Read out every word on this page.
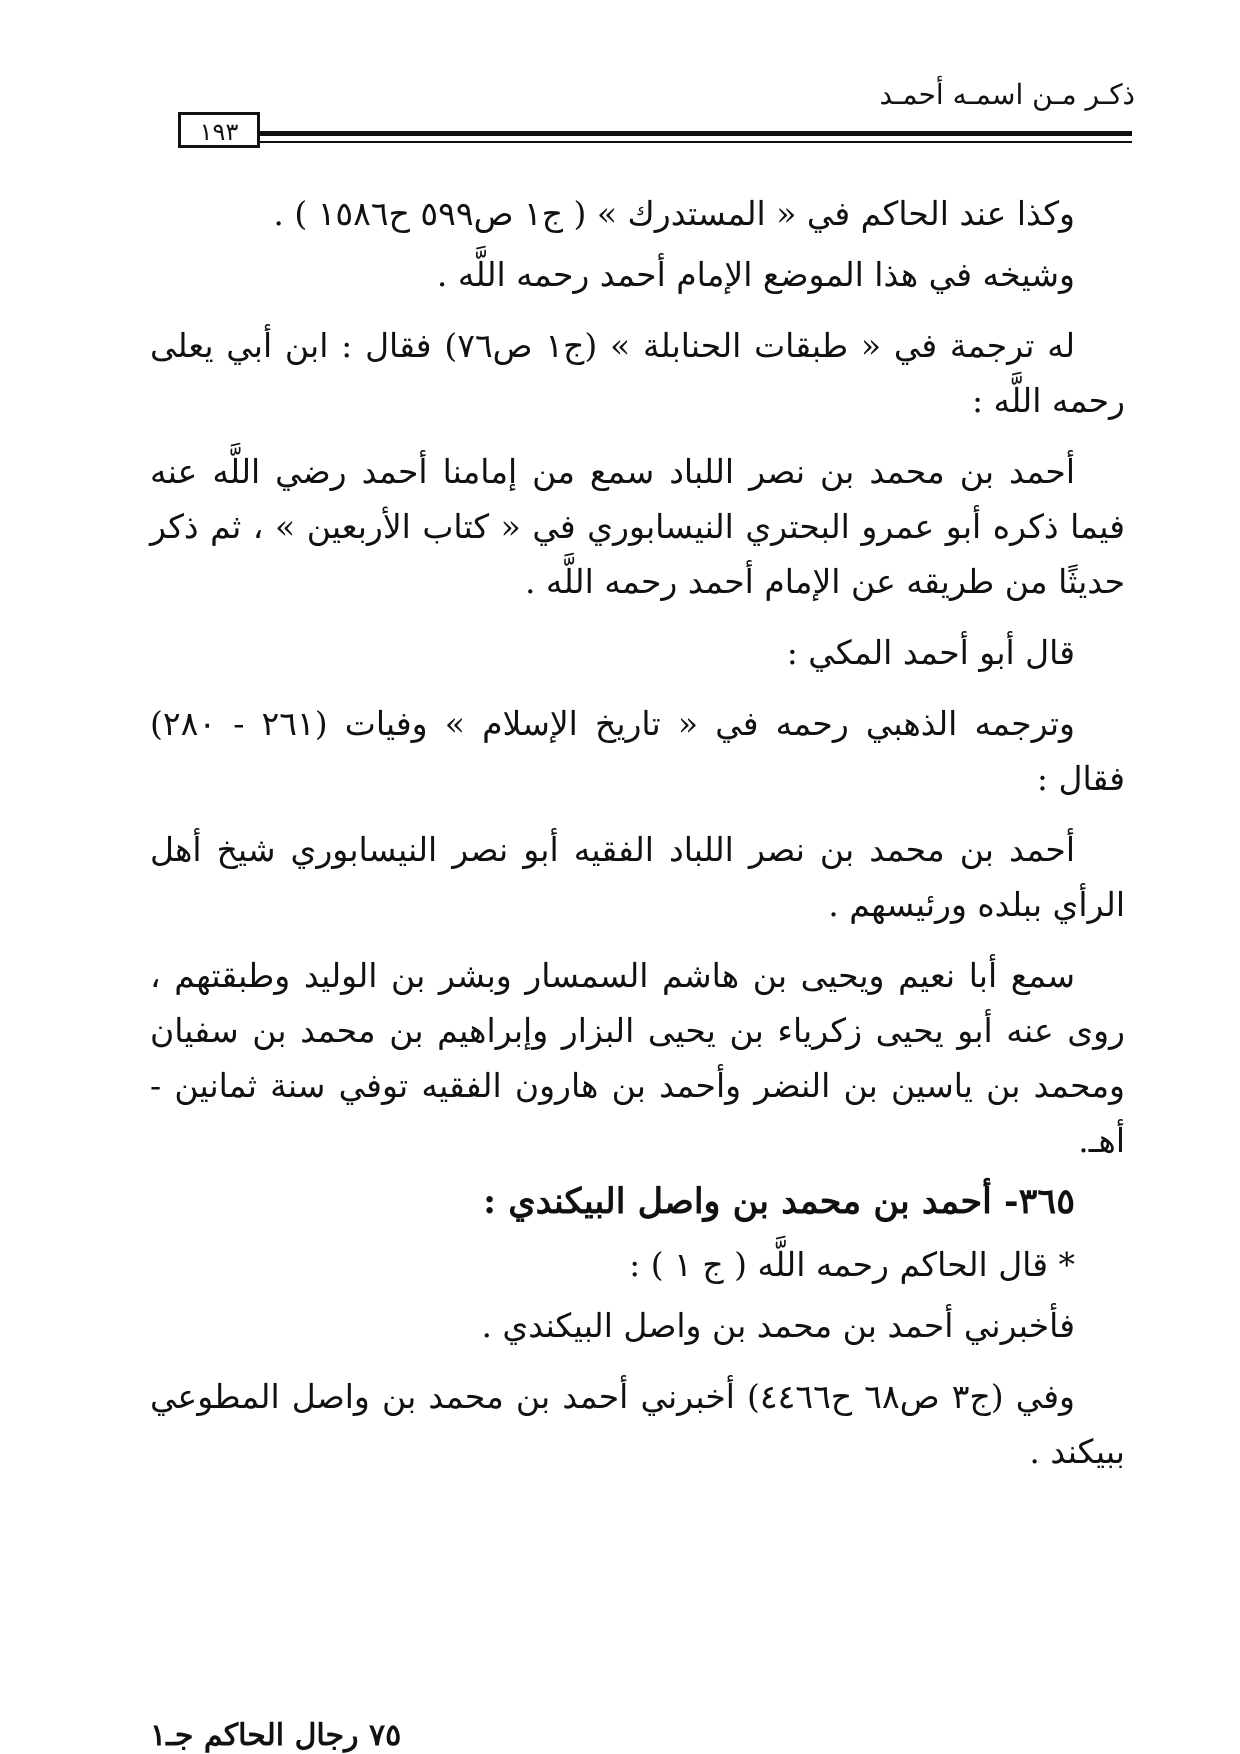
ذكـر مـن اسمـه أحمـد
١٩٣

وكذا عند الحاكم في « المستدرك » ( ج١ ص٥٩٩ ح١٥٨٦ ) .

وشيخه في هذا الموضع الإمام أحمد رحمه اللَّه .

له ترجمة في « طبقات الحنابلة » (ج١ ص٧٦) فقال : ابن أبي يعلى رحمه اللَّه :

أحمد بن محمد بن نصر اللباد سمع من إمامنا أحمد رضي اللَّه عنه فيما ذكره أبو عمرو البحتري النيسابوري في « كتاب الأربعين » ، ثم ذكر حديثًا من طريقه عن الإمام أحمد رحمه اللَّه .

قال أبو أحمد المكي :

وترجمه الذهبي رحمه في « تاريخ الإسلام » وفيات (٢٦١ - ٢٨٠) فقال :

أحمد بن محمد بن نصر اللباد الفقيه أبو نصر النيسابوري شيخ أهل الرأي ببلده ورئيسهم .

سمع أبا نعيم ويحيى بن هاشم السمسار وبشر بن الوليد وطبقتهم ، روى عنه أبو يحيى زكرياء بن يحيى البزار وإبراهيم بن محمد بن سفيان ومحمد بن ياسين بن النضر وأحمد بن هارون الفقيه توفي سنة ثمانين - أهـ.

٣٦٥- أحمد بن محمد بن واصل البيكندي :

* قال الحاكم رحمه اللَّه ( ج ١ ) :

فأخبرني أحمد بن محمد بن واصل البيكندي .

وفي (ج٣ ص٦٨ ح٤٤٦٦) أخبرني أحمد بن محمد بن واصل المطوعي ببيكند .

٧٥ رجال الحاكم جـ١
